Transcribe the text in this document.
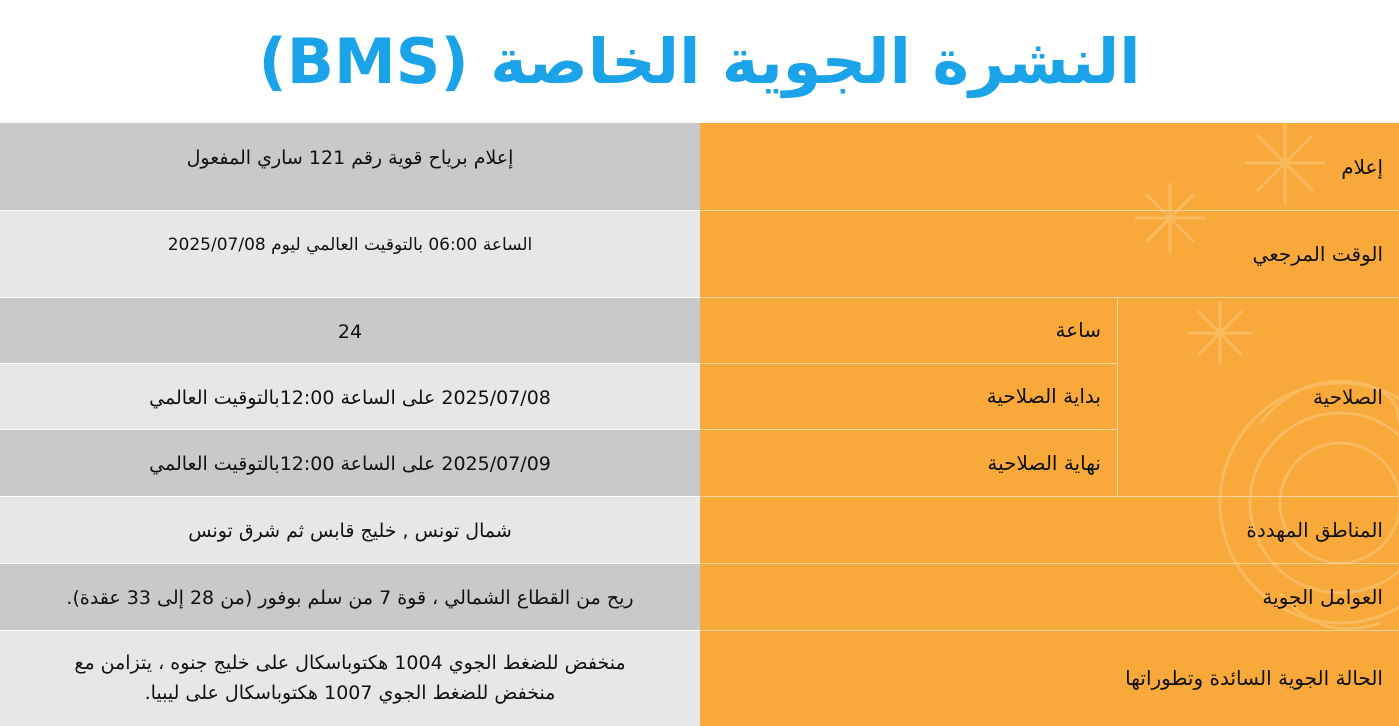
النشرة الجوية الخاصة (BMS)
إعلام برياح قوية رقم 121 ساري المفعول
الساعة 06:00 بالتوقيت العالمي ليوم 2025/07/08
24
2025/07/08 على الساعة 12:00بالتوقيت العالمي
2025/07/09 على الساعة 12:00بالتوقيت العالمي
شمال تونس , خليج قابس ثم شرق تونس
ريح من القطاع الشمالي ، قوة 7 من سلم بوفور (من 28 إلى 33 عقدة).
منخفض للضغط الجوي 1004 هكتوباسكال على خليج جنوه ، يتزامن مع
منخفض للضغط الجوي 1007 هكتوباسكال على ليبيا.
إعلام
الوقت المرجعي
الصلاحية
ساعة
بداية الصلاحية
نهاية الصلاحية
المناطق المهددة
العوامل الجوية
الحالة الجوية السائدة وتطوراتها
